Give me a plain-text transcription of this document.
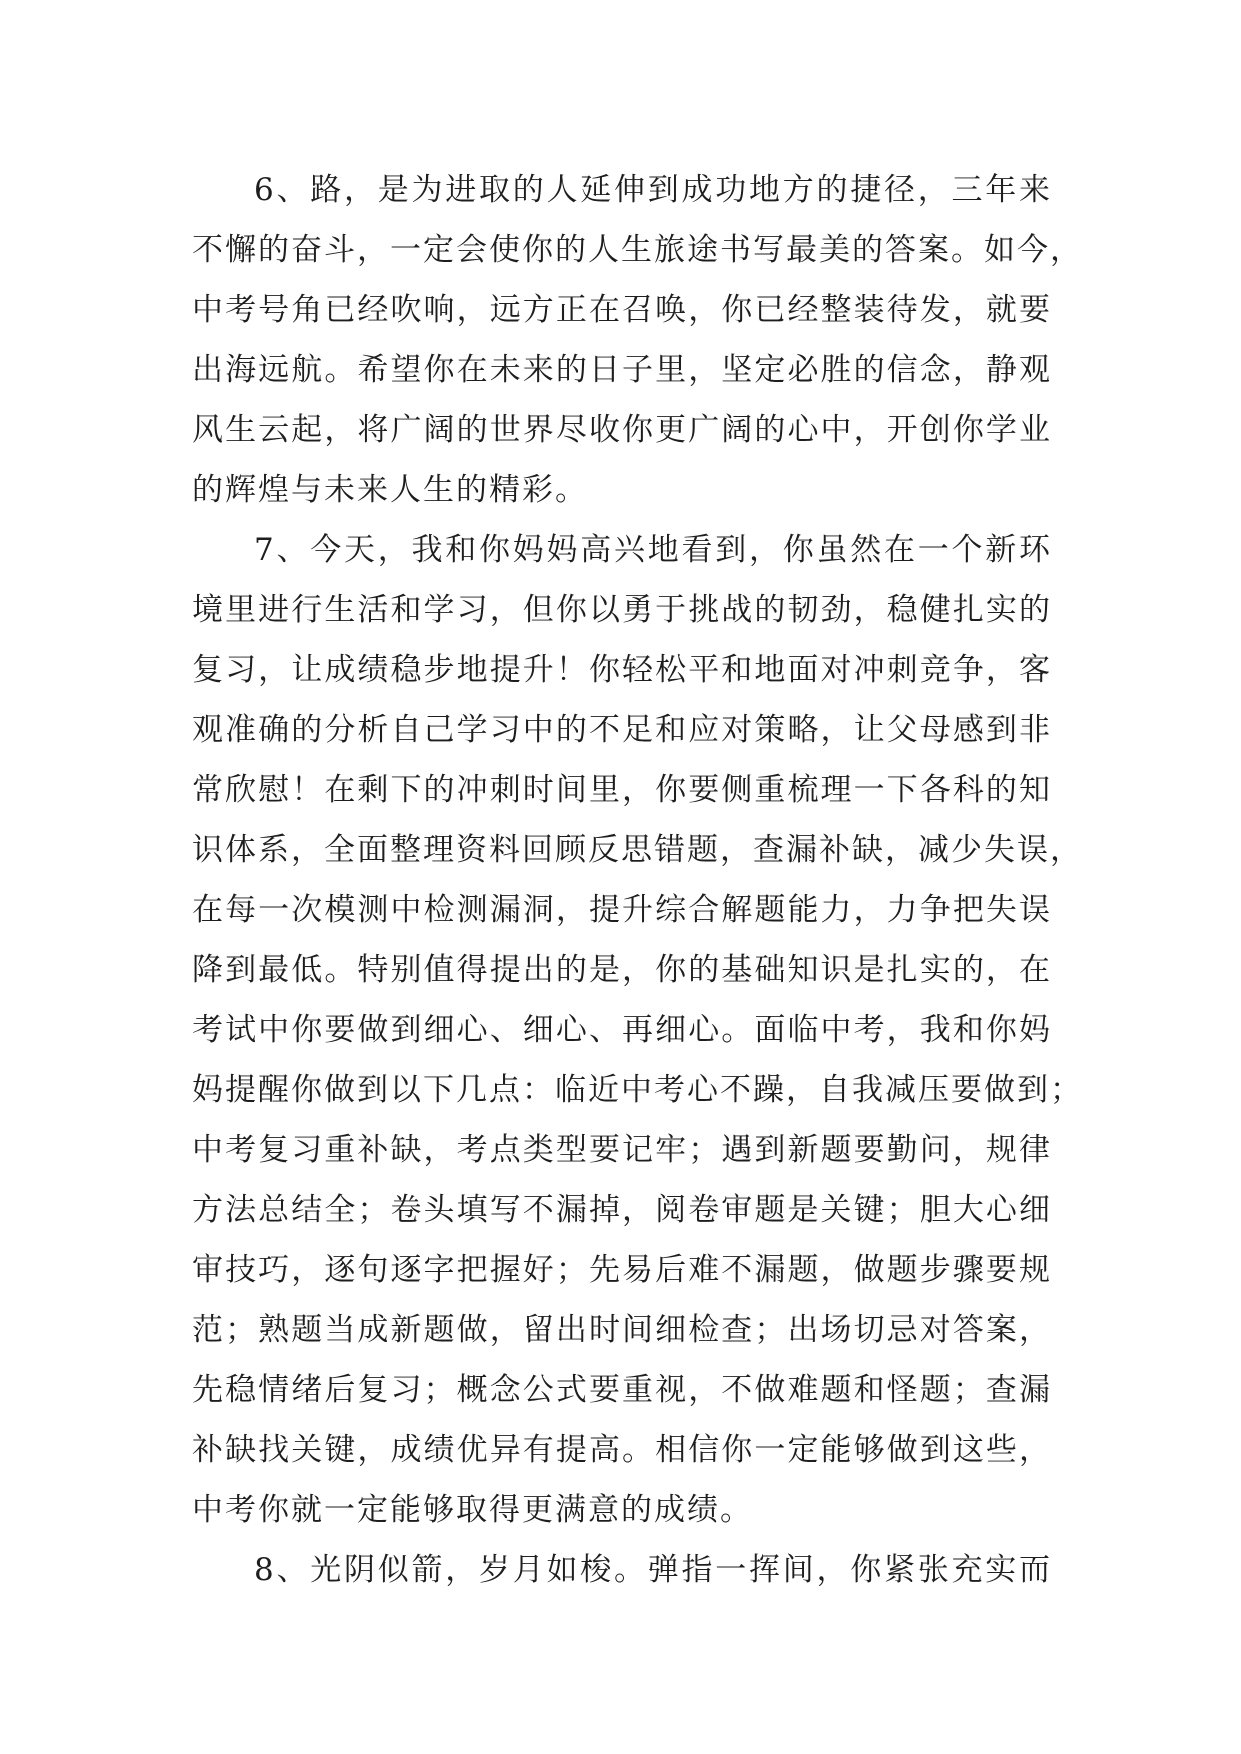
6、路，是为进取的人延伸到成功地方的捷径，三年来
不懈的奋斗，一定会使你的人生旅途书写最美的答案。如今，
中考号角已经吹响，远方正在召唤，你已经整装待发，就要
出海远航。希望你在未来的日子里，坚定必胜的信念，静观
风生云起，将广阔的世界尽收你更广阔的心中，开创你学业
的辉煌与未来人生的精彩。
7、今天，我和你妈妈高兴地看到，你虽然在一个新环
境里进行生活和学习，但你以勇于挑战的韧劲，稳健扎实的
复习，让成绩稳步地提升！你轻松平和地面对冲刺竞争，客
观准确的分析自己学习中的不足和应对策略，让父母感到非
常欣慰！在剩下的冲刺时间里，你要侧重梳理一下各科的知
识体系，全面整理资料回顾反思错题，查漏补缺，减少失误，
在每一次模测中检测漏洞，提升综合解题能力，力争把失误
降到最低。特别值得提出的是，你的基础知识是扎实的，在
考试中你要做到细心、细心、再细心。面临中考，我和你妈
妈提醒你做到以下几点：临近中考心不躁，自我减压要做到；
中考复习重补缺，考点类型要记牢；遇到新题要勤问，规律
方法总结全；卷头填写不漏掉，阅卷审题是关键；胆大心细
审技巧，逐句逐字把握好；先易后难不漏题，做题步骤要规
范；熟题当成新题做，留出时间细检查；出场切忌对答案，
先稳情绪后复习；概念公式要重视，不做难题和怪题；查漏
补缺找关键，成绩优异有提高。相信你一定能够做到这些，
中考你就一定能够取得更满意的成绩。
8、光阴似箭，岁月如梭。弹指一挥间，你紧张充实而
